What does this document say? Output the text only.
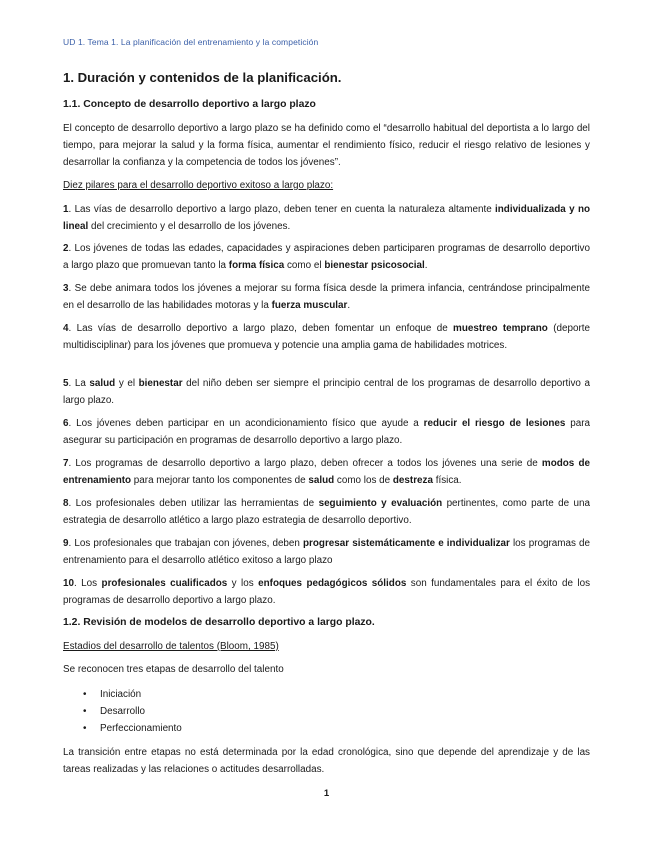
UD 1. Tema 1. La planificación del entrenamiento y la competición
1. Duración y contenidos de la planificación.
1.1. Concepto de desarrollo deportivo a largo plazo

El concepto de desarrollo deportivo a largo plazo se ha definido como el “desarrollo habitual del deportista a lo largo del tiempo, para mejorar la salud y la forma física, aumentar el rendimiento físico, reducir el riesgo relativo de lesiones y desarrollar la confianza y la competencia de todos los jóvenes”.

Diez pilares para el desarrollo deportivo exitoso a largo plazo:

1. Las vías de desarrollo deportivo a largo plazo, deben tener en cuenta la naturaleza altamente individualizada y no lineal del crecimiento y el desarrollo de los jóvenes.

2. Los jóvenes de todas las edades, capacidades y aspiraciones deben participaren programas de desarrollo deportivo a largo plazo que promuevan tanto la forma física como el bienestar psicosocial.

3. Se debe animara todos los jóvenes a mejorar su forma física desde la primera infancia, centrándose principalmente en el desarrollo de las habilidades motoras y la fuerza muscular.

4. Las vías de desarrollo deportivo a largo plazo, deben fomentar un enfoque de muestreo temprano (deporte multidisciplinar) para los jóvenes que promueva y potencie una amplia gama de habilidades motrices.

5. La salud y el bienestar del niño deben ser siempre el principio central de los programas de desarrollo deportivo a largo plazo.

6. Los jóvenes deben participar en un acondicionamiento físico que ayude a reducir el riesgo de lesiones para asegurar su participación en programas de desarrollo deportivo a largo plazo.

7. Los programas de desarrollo deportivo a largo plazo, deben ofrecer a todos los jóvenes una serie de modos de entrenamiento para mejorar tanto los componentes de salud como los de destreza física.

8. Los profesionales deben utilizar las herramientas de seguimiento y evaluación pertinentes, como parte de una estrategia de desarrollo atlético a largo plazo estrategia de desarrollo deportivo.

9. Los profesionales que trabajan con jóvenes, deben progresar sistemáticamente e individualizar los programas de entrenamiento para el desarrollo atlético exitoso a largo plazo

10. Los profesionales cualificados y los enfoques pedagógicos sólidos son fundamentales para el éxito de los programas de desarrollo deportivo a largo plazo.

1.2. Revisión de modelos de desarrollo deportivo a largo plazo.

Estadios del desarrollo de talentos (Bloom, 1985)

Se reconocen tres etapas de desarrollo del talento

• Iniciación
• Desarrollo
• Perfeccionamiento

La transición entre etapas no está determinada por la edad cronológica, sino que depende del aprendizaje y de las tareas realizadas y las relaciones o actitudes desarrolladas.

1
